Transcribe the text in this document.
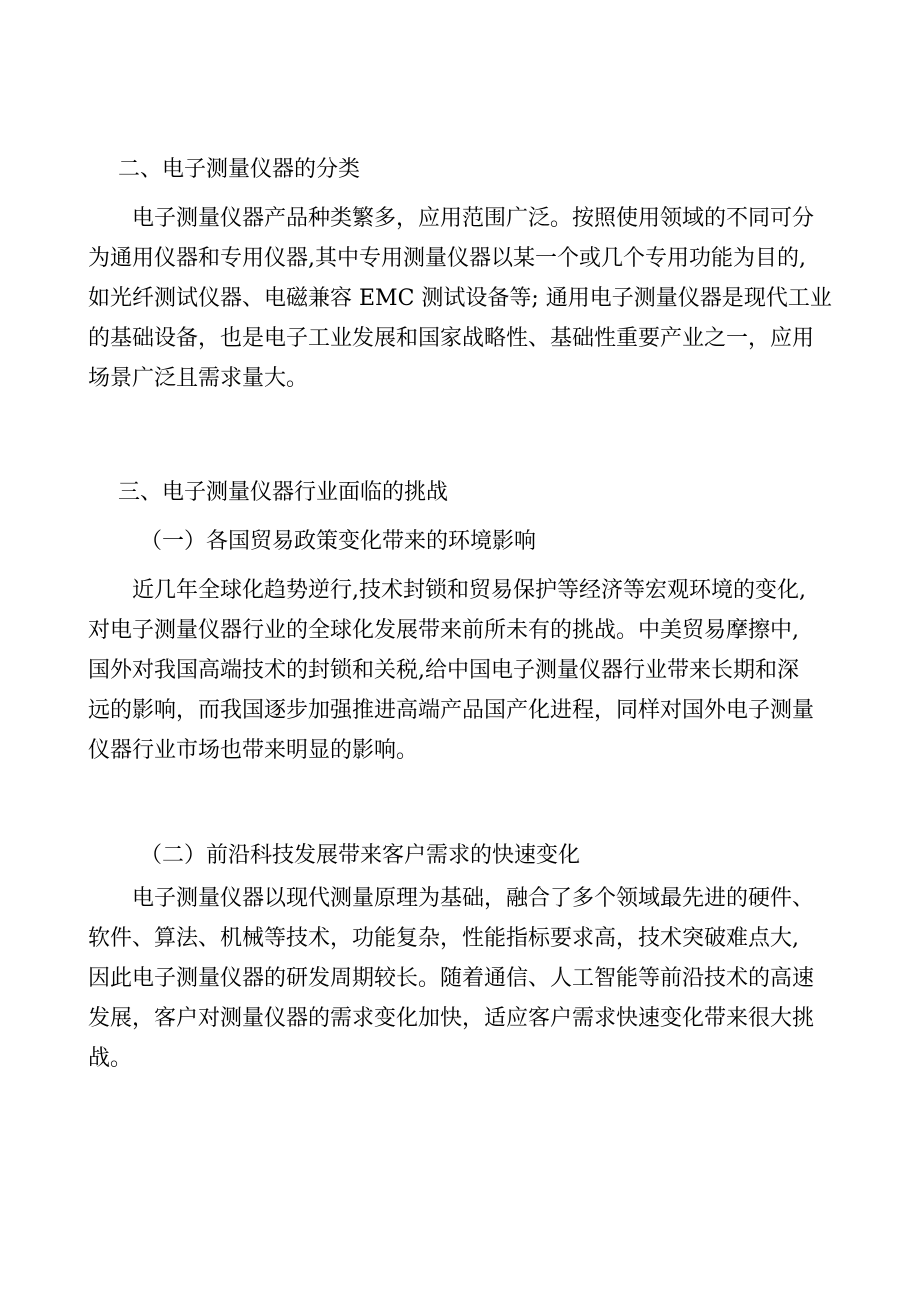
二、电子测量仪器的分类
电子测量仪器产品种类繁多，应用范围广泛。按照使用领域的不同可分
为通用仪器和专用仪器,其中专用测量仪器以某一个或几个专用功能为目的,
如光纤测试仪器、电磁兼容 EMC 测试设备等; 通用电子测量仪器是现代工业
的基础设备，也是电子工业发展和国家战略性、基础性重要产业之一，应用
场景广泛且需求量大。
三、电子测量仪器行业面临的挑战
（一）各国贸易政策变化带来的环境影响
近几年全球化趋势逆行,技术封锁和贸易保护等经济等宏观环境的变化,
对电子测量仪器行业的全球化发展带来前所未有的挑战。中美贸易摩擦中,
国外对我国高端技术的封锁和关税,给中国电子测量仪器行业带来长期和深
远的影响，而我国逐步加强推进高端产品国产化进程，同样对国外电子测量
仪器行业市场也带来明显的影响。
（二）前沿科技发展带来客户需求的快速变化
电子测量仪器以现代测量原理为基础，融合了多个领域最先进的硬件、
软件、算法、机械等技术，功能复杂，性能指标要求高，技术突破难点大,
因此电子测量仪器的研发周期较长。随着通信、人工智能等前沿技术的高速
发展，客户对测量仪器的需求变化加快，适应客户需求快速变化带来很大挑
战。
